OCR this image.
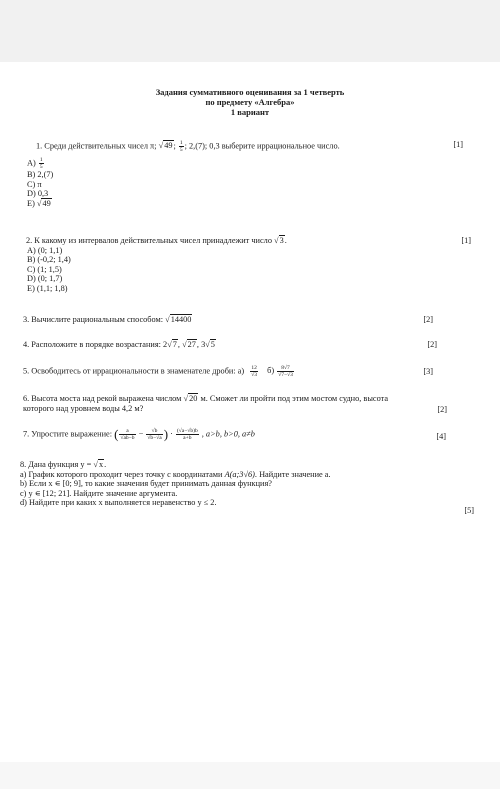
Задания суммативного оценивания за 1 четверть
по предмету «Алгебра»
1 вариант
1. Среди действительных чисел π; √49; $\frac{1}{5}$ ; 2,(7); 0,3 выберите иррациональное число.	[1]
$A) \frac{1}{5}$
B) 2,(7)
C) π
D) 0,3
E) √49
2. К какому из интервалов действительных чисел принадлежит число √3.	[1]
A) (0; 1,1)
B) (-0,2; 1,4)
C) (1; 1,5)
D) (0; 1,7)
E) (1,1; 1,8)
3. Вычислите рациональным способом: √14400	[2]
4. Расположите в порядке возрастания: 2√7, √27, 3√5	[2]
5. Освободитесь от иррациональности в знаменателе дроби: $а) \frac{12}{√3} б) \frac{8√7}{√7-√3}$	[3]
6. Высота моста над рекой выражена числом √20 м. Сможет ли пройти под этим мостом судно, высота
которого над уровнем воды 4,2 м?	[2]
7. Упростите выражение: ( $\frac{a}{√ab-b} - \frac{√b}{√b-√a}$ ) · $\frac{(√a-√b)b}{a+b}$ , a>b, b>0, a≠b	[4]
8. Дана функция y = √x.
а) График которого проходит через точку с координатами A(a;3√6). Найдите значение a.
b) Если x ∊ [0; 9], то какие значения будет принимать данная функция?
c) y ∊ [12; 21]. Найдите значение аргумента.
d) Найдите при каких x выполняется неравенство y ≤ 2.
[5]
